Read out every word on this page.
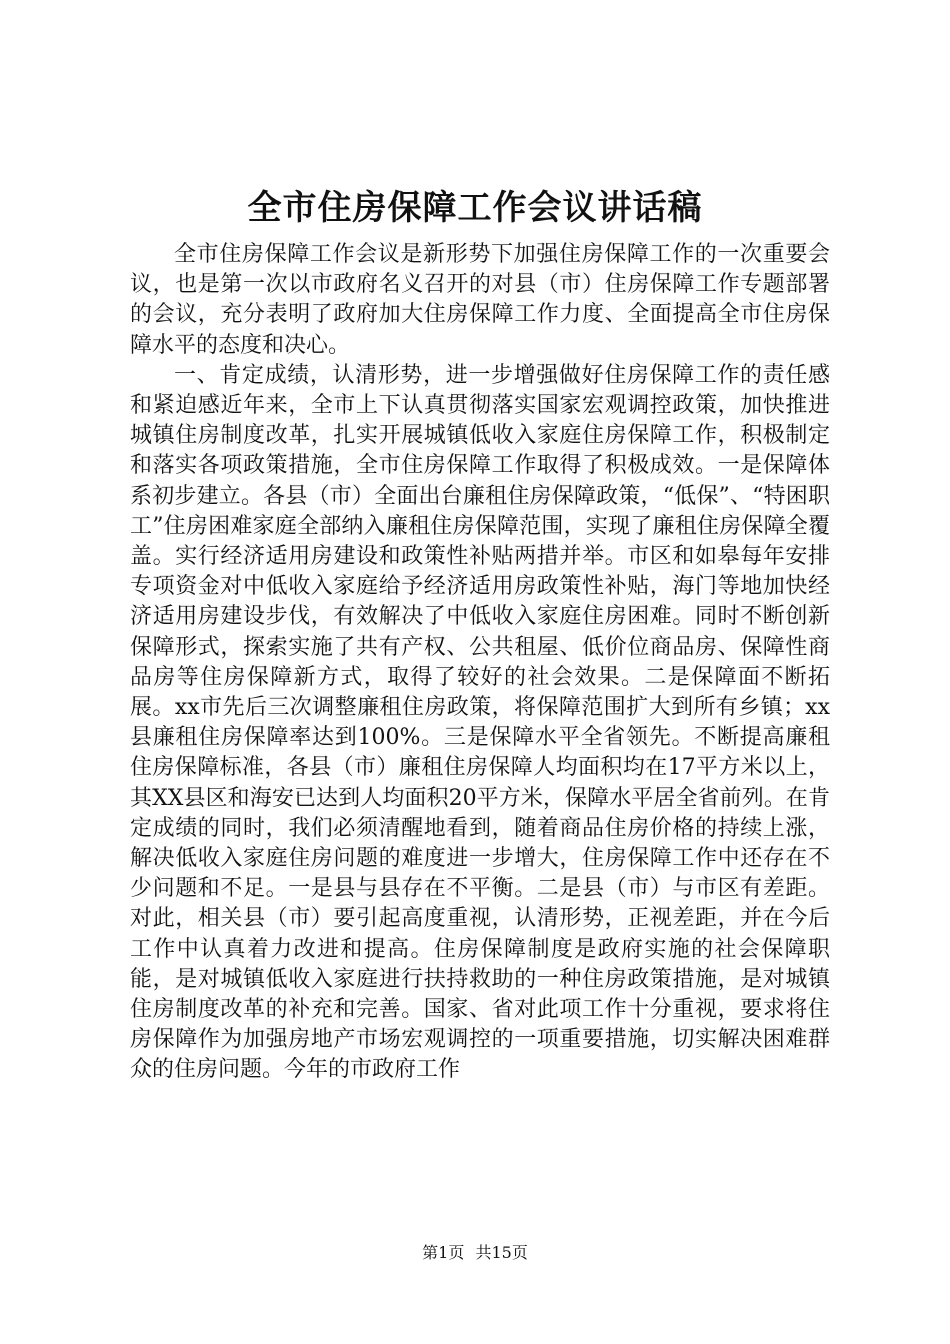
全市住房保障工作会议讲话稿

全市住房保障工作会议是新形势下加强住房保障工作的一次重要会议，也是第一次以市政府名义召开的对县（市）住房保障工作专题部署的会议，充分表明了政府加大住房保障工作力度、全面提高全市住房保障水平的态度和决心。

一、肯定成绩，认清形势，进一步增强做好住房保障工作的责任感和紧迫感近年来，全市上下认真贯彻落实国家宏观调控政策，加快推进城镇住房制度改革，扎实开展城镇低收入家庭住房保障工作，积极制定和落实各项政策措施，全市住房保障工作取得了积极成效。一是保障体系初步建立。各县（市）全面出台廉租住房保障政策，“低保”、“特困职工”住房困难家庭全部纳入廉租住房保障范围，实现了廉租住房保障全覆盖。实行经济适用房建设和政策性补贴两措并举。市区和如皋每年安排专项资金对中低收入家庭给予经济适用房政策性补贴，海门等地加快经济适用房建设步伐，有效解决了中低收入家庭住房困难。同时不断创新保障形式，探索实施了共有产权、公共租屋、低价位商品房、保障性商品房等住房保障新方式，取得了较好的社会效果。二是保障面不断拓展。xx市先后三次调整廉租住房政策，将保障范围扩大到所有乡镇；xx县廉租住房保障率达到100%。三是保障水平全省领先。不断提高廉租住房保障标准，各县（市）廉租住房保障人均面积均在17平方米以上，其XX县区和海安已达到人均面积20平方米，保障水平居全省前列。在肯定成绩的同时，我们必须清醒地看到，随着商品住房价格的持续上涨，解决低收入家庭住房问题的难度进一步增大，住房保障工作中还存在不少问题和不足。一是县与县存在不平衡。二是县（市）与市区有差距。对此，相关县（市）要引起高度重视，认清形势，正视差距，并在今后工作中认真着力改进和提高。住房保障制度是政府实施的社会保障职能，是对城镇低收入家庭进行扶持救助的一种住房政策措施，是对城镇住房制度改革的补充和完善。国家、省对此项工作十分重视，要求将住房保障作为加强房地产市场宏观调控的一项重要措施，切实解决困难群众的住房问题。今年的市政府工作

第1页 共15页
